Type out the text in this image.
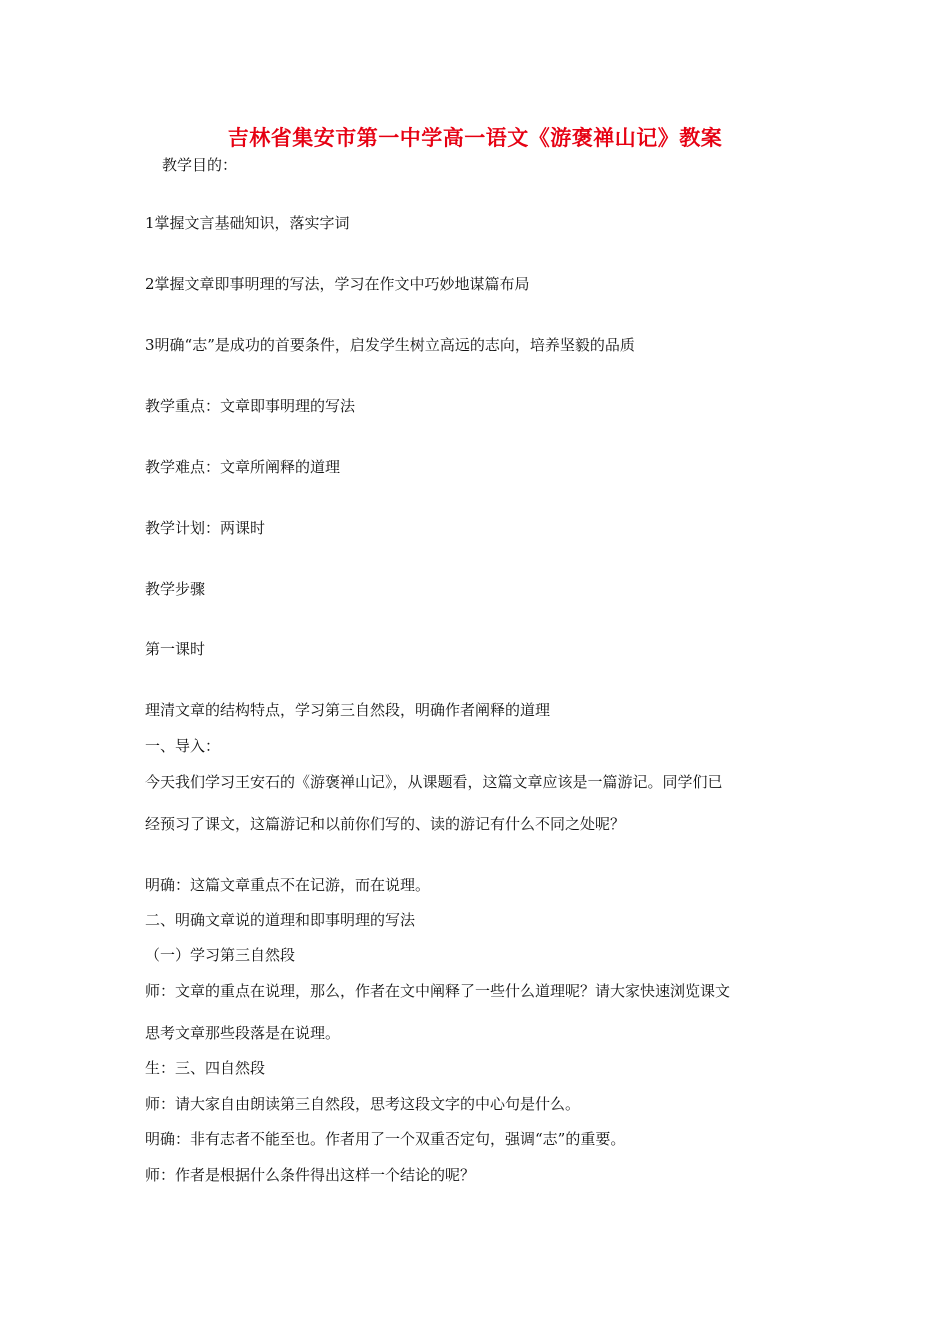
吉林省集安市第一中学高一语文《游褒禅山记》教案
教学目的：
1掌握文言基础知识，落实字词
2掌握文章即事明理的写法，学习在作文中巧妙地谋篇布局
3明确“志”是成功的首要条件，启发学生树立高远的志向，培养坚毅的品质
教学重点：文章即事明理的写法
教学难点：文章所阐释的道理
教学计划：两课时
教学步骤
第一课时
理清文章的结构特点，学习第三自然段，明确作者阐释的道理
一、导入：
今天我们学习王安石的《游褒禅山记》，从课题看，这篇文章应该是一篇游记。同学们已
经预习了课文，这篇游记和以前你们写的、读的游记有什么不同之处呢？
明确：这篇文章重点不在记游，而在说理。
二、明确文章说的道理和即事明理的写法
（一）学习第三自然段
师：文章的重点在说理，那么，作者在文中阐释了一些什么道理呢？请大家快速浏览课文
思考文章那些段落是在说理。
生：三、四自然段
师：请大家自由朗读第三自然段，思考这段文字的中心句是什么。
明确：非有志者不能至也。作者用了一个双重否定句，强调“志”的重要。
师：作者是根据什么条件得出这样一个结论的呢？
